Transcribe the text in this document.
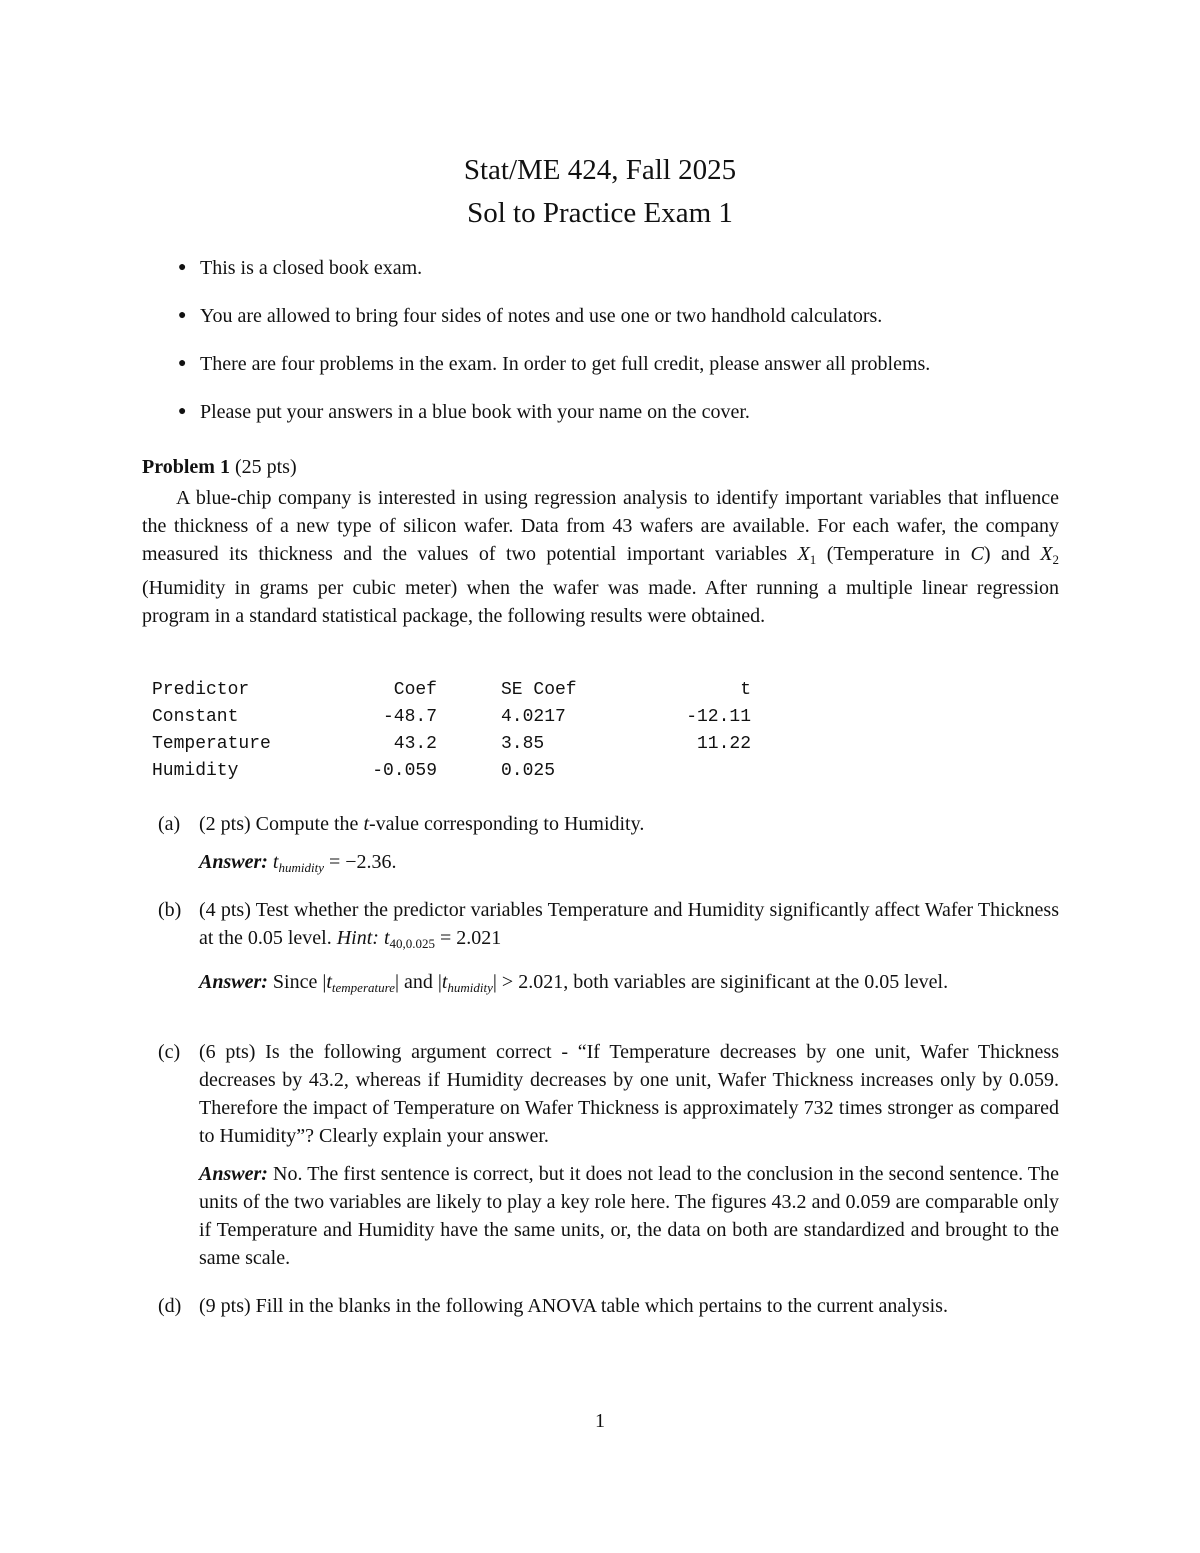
Stat/ME 424, Fall 2025
Sol to Practice Exam 1
● This is a closed book exam.
● You are allowed to bring four sides of notes and use one or two handhold calculators.
● There are four problems in the exam. In order to get full credit, please answer all problems.
● Please put your answers in a blue book with your name on the cover.
Problem 1 (25 pts)

A blue-chip company is interested in using regression analysis to identify important variables that influence the thickness of a new type of silicon wafer. Data from 43 wafers are available. For each wafer, the company measured its thickness and the values of two potential important variables $X_1$ (Temperature in C) and $X_2$ (Humidity in grams per cubic meter) when the wafer was made. After running a multiple linear regression program in a standard statistical package, the following results were obtained.

Predictor	Coef	SE Coef	t
Constant	-48.7	4.0217	-12.11
Temperature	43.2	3.85	11.22
Humidity	-0.059	0.025	
(a) (2 pts) Compute the t-value corresponding to Humidity.
Answer: $t_{humidity} = -2.36$.
(b) (4 pts) Test whether the predictor variables Temperature and Humidity significantly affect Wafer Thickness at the 0.05 level. Hint: $t_{40,0.025} = 2.021$
Answer: Since $|t_{temperature}|$ and $|t_{humidity}| > 2.021$, both variables are siginificant at the 0.05 level.
(c) (6 pts) Is the following argument correct - “If Temperature decreases by one unit, Wafer Thickness decreases by 43.2, whereas if Humidity decreases by one unit, Wafer Thickness increases only by 0.059. Therefore the impact of Temperature on Wafer Thickness is approximately 732 times stronger as compared to Humidity”? Clearly explain your answer.
Answer: No. The first sentence is correct, but it does not lead to the conclusion in the second sentence. The units of the two variables are likely to play a key role here. The figures 43.2 and 0.059 are comparable only if Temperature and Humidity have the same units, or, the data on both are standardized and brought to the same scale.
(d) (9 pts) Fill in the blanks in the following ANOVA table which pertains to the current analysis.
1
